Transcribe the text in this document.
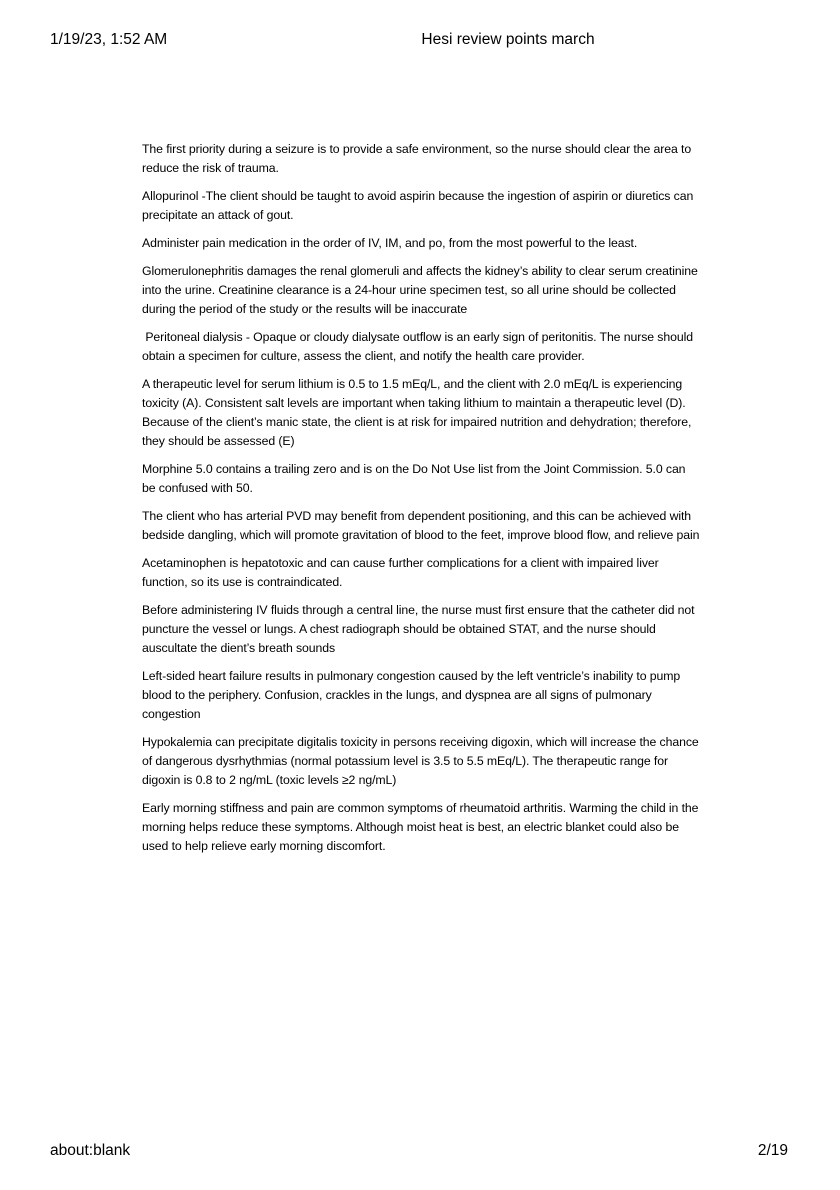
1/19/23, 1:52 AM	Hesi review points march

The first priority during a seizure is to provide a safe environment, so the nurse should clear the area to reduce the risk of trauma.

Allopurinol -The client should be taught to avoid aspirin because the ingestion of aspirin or diuretics can precipitate an attack of gout.

Administer pain medication in the order of IV, IM, and po, from the most powerful to the least.

Glomerulonephritis damages the renal glomeruli and affects the kidney’s ability to clear serum creatinine into the urine. Creatinine clearance is a 24-hour urine specimen test, so all urine should be collected during the period of the study or the results will be inaccurate

Peritoneal dialysis - Opaque or cloudy dialysate outflow is an early sign of peritonitis. The nurse should obtain a specimen for culture, assess the client, and notify the health care provider.

A therapeutic level for serum lithium is 0.5 to 1.5 mEq/L, and the client with 2.0 mEq/L is experiencing toxicity (A). Consistent salt levels are important when taking lithium to maintain a therapeutic level (D). Because of the client’s manic state, the client is at risk for impaired nutrition and dehydration; therefore, they should be assessed (E)

Morphine 5.0 contains a trailing zero and is on the Do Not Use list from the Joint Commission. 5.0 can be confused with 50.

The client who has arterial PVD may benefit from dependent positioning, and this can be achieved with bedside dangling, which will promote gravitation of blood to the feet, improve blood flow, and relieve pain

Acetaminophen is hepatotoxic and can cause further complications for a client with impaired liver function, so its use is contraindicated.

Before administering IV fluids through a central line, the nurse must first ensure that the catheter did not puncture the vessel or lungs. A chest radiograph should be obtained STAT, and the nurse should auscultate the dient’s breath sounds

Left-sided heart failure results in pulmonary congestion caused by the left ventricle’s inability to pump blood to the periphery. Confusion, crackles in the lungs, and dyspnea are all signs of pulmonary congestion

Hypokalemia can precipitate digitalis toxicity in persons receiving digoxin, which will increase the chance of dangerous dysrhythmias (normal potassium level is 3.5 to 5.5 mEq/L). The therapeutic range for digoxin is 0.8 to 2 ng/mL (toxic levels ≥2 ng/mL)

Early morning stiffness and pain are common symptoms of rheumatoid arthritis. Warming the child in the morning helps reduce these symptoms. Although moist heat is best, an electric blanket could also be used to help relieve early morning discomfort.

about:blank	2/19
